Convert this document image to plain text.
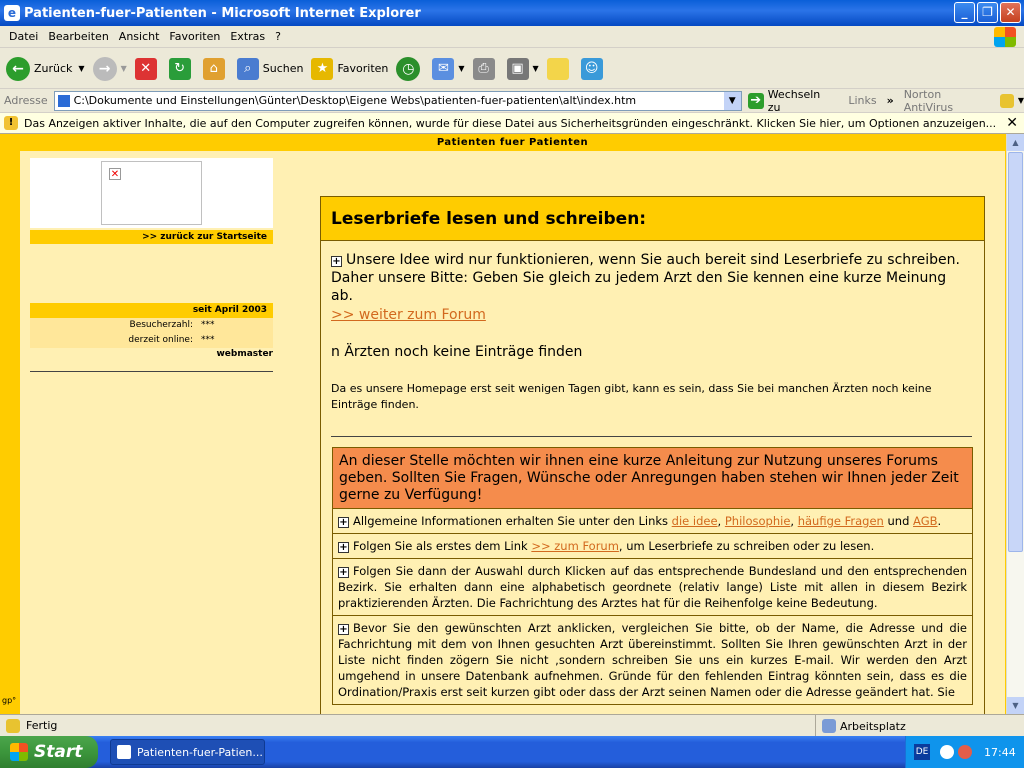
e Patienten-fuer-Patienten - Microsoft Internet Explorer	_	❐	✕
Datei Bearbeiten Ansicht Favoriten Extras ?
← Zurück ▼	→	▼	✕	↻	⌂	⌕	Suchen	★ Favoriten ◷	✉	▼	⎙	▣	▼	☺
Adresse C:\Dokumente und Einstellungen\Günter\Desktop\Eigene Webs\patienten-fuer-patienten\alt\index.htm	▼	➔ Wechseln zu	Links » Norton AntiVirus	▼
! Das Anzeigen aktiver Inhalte, die auf den Computer zugreifen können, wurde für diese Datei aus Sicherheitsgründen eingeschränkt. Klicken Sie hier, um Optionen anzuzeigen... ✕
Patienten fuer Patienten
✕
>> zurück zur Startseite
seit April 2003
Besucherzahl: ***
derzeit online: ***
webmaster
Leserbriefe lesen und schreiben:
+ Unsere Idee wird nur funktionieren, wenn Sie auch bereit sind Leserbriefe zu schreiben. Daher unsere Bitte: Geben Sie gleich zu jedem Arzt den Sie kennen eine kurze Meinung ab.
>> weiter zum Forum
n Ärzten noch keine Einträge finden
Da es unsere Homepage erst seit wenigen Tagen gibt, kann es sein, dass Sie bei manchen Ärzten noch keine Einträge finden.
An dieser Stelle möchten wir ihnen eine kurze Anleitung zur Nutzung unseres Forums geben. Sollten Sie Fragen, Wünsche oder Anregungen haben stehen wir Ihnen jeder Zeit gerne zu Verfügung!
+ Allgemeine Informationen erhalten Sie unter den Links die idee, Philosophie, häufige Fragen und AGB.
+ Folgen Sie als erstes dem Link >> zum Forum, um Leserbriefe zu schreiben oder zu lesen.
+ Folgen Sie dann der Auswahl durch Klicken auf das entsprechende Bundesland und den entsprechenden Bezirk. Sie erhalten dann eine alphabetisch geordnete (relativ lange) Liste mit allen in diesem Bezirk praktizierenden Ärzten. Die Fachrichtung des Arztes hat für die Reihenfolge keine Bedeutung.
+ Bevor Sie den gewünschten Arzt anklicken, vergleichen Sie bitte, ob der Name, die Adresse und die Fachrichtung mit dem von Ihnen gesuchten Arzt übereinstimmt. Sollten Sie Ihren gewünschten Arzt in der Liste nicht finden zögern Sie nicht ,sondern schreiben Sie uns ein kurzes E-mail. Wir werden den Arzt umgehend in unsere Datenbank aufnehmen. Gründe für den fehlenden Eintrag könnten sein, dass es die Ordination/Praxis erst seit kurzen gibt oder dass der Arzt seinen Namen oder die Adresse geändert hat. Sie
gp°
▲
▼
Fertig	Arbeitsplatz
Start	Patienten-fuer-Patien...	DE	17:44
